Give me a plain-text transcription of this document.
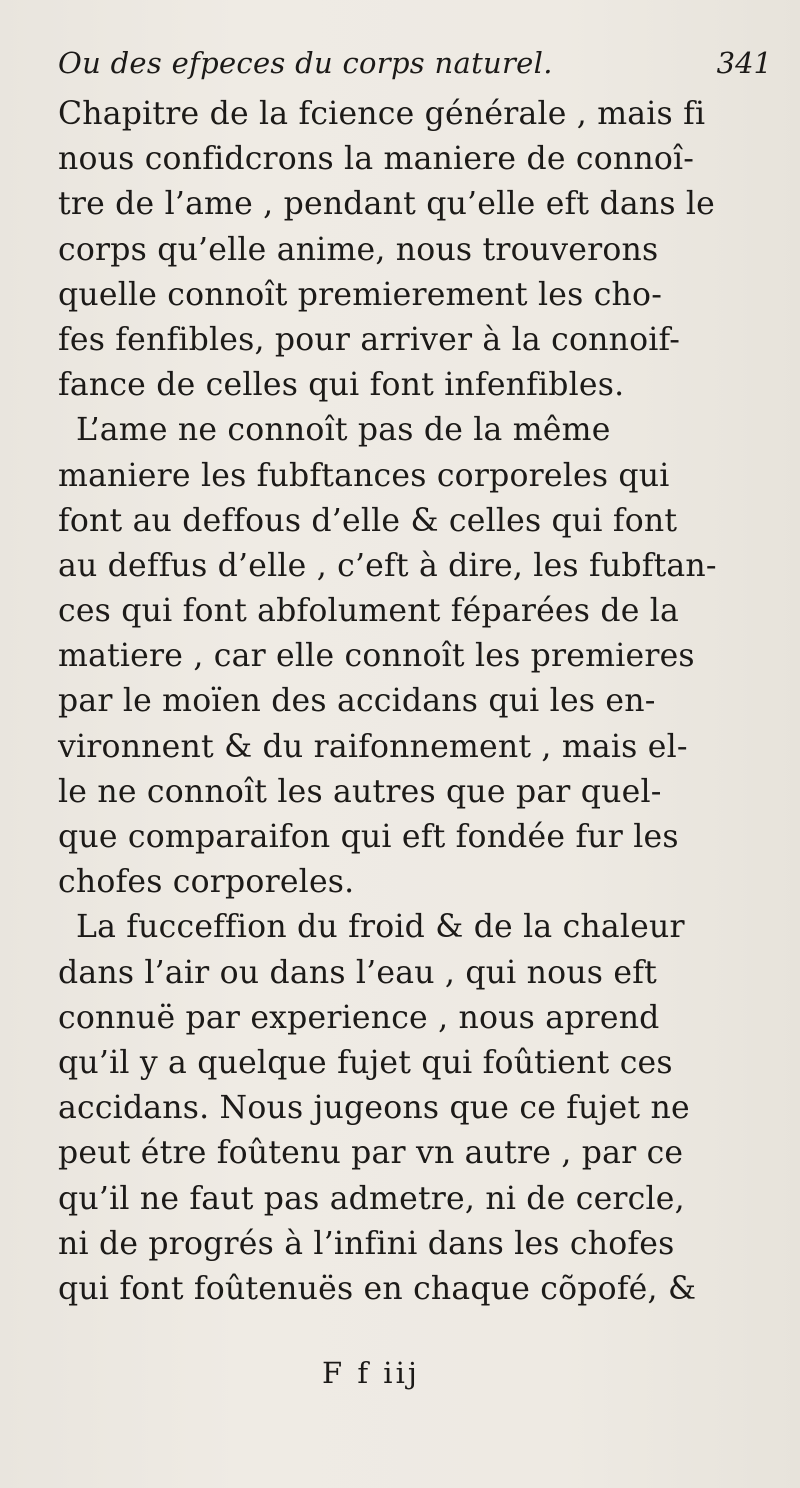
Ou des efpeces du corps naturel.	341
Chapitre de la fcience générale , mais fi
nous confidcrons la maniere de connoî-
tre de l’ame , pendant qu’elle eft dans le
corps qu’elle anime, nous trouverons
quelle connoît premierement les cho-
fes fenfibles, pour arriver à la connoif-
fance de celles qui font infenfibles.
L’ame ne connoît pas de la même
maniere les fubftances corporeles qui
font au deffous d’elle & celles qui font
au deffus d’elle , c’eft à dire, les fubftan-
ces qui font abfolument féparées de la
matiere , car elle connoît les premieres
par le moïen des accidans qui les en-
vironnent & du raifonnement , mais el-
le ne connoît les autres que par quel-
que comparaifon qui eft fondée fur les
chofes corporeles.
La fucceffion du froid & de la chaleur
dans l’air ou dans l’eau , qui nous eft
connuë par experience , nous aprend
qu’il y a quelque fujet qui foûtient ces
accidans. Nous jugeons que ce fujet ne
peut étre foûtenu par vn autre , par ce
qu’il ne faut pas admetre, ni de cercle,
ni de progrés à l’infini dans les chofes
qui font foûtenuës en chaque cõpofé, &
F f iij
